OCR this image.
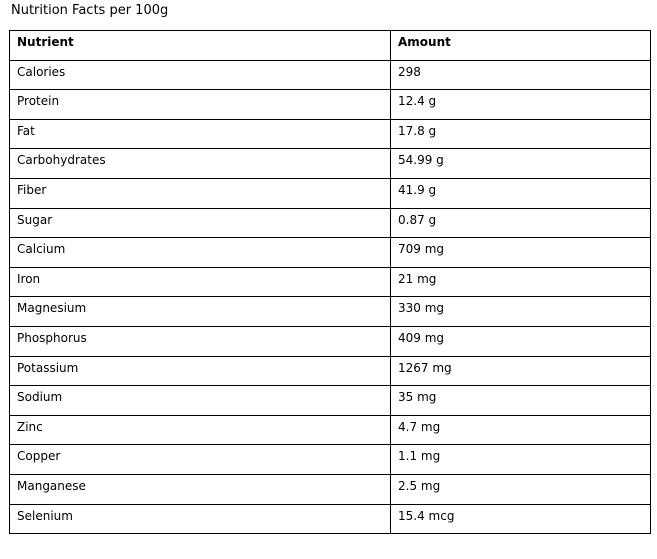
Nutrition Facts per 100g
Nutrient	Amount
Calories	298
Protein	12.4 g
Fat	17.8 g
Carbohydrates	54.99 g
Fiber	41.9 g
Sugar	0.87 g
Calcium	709 mg
Iron	21 mg
Magnesium	330 mg
Phosphorus	409 mg
Potassium	1267 mg
Sodium	35 mg
Zinc	4.7 mg
Copper	1.1 mg
Manganese	2.5 mg
Selenium	15.4 mcg
